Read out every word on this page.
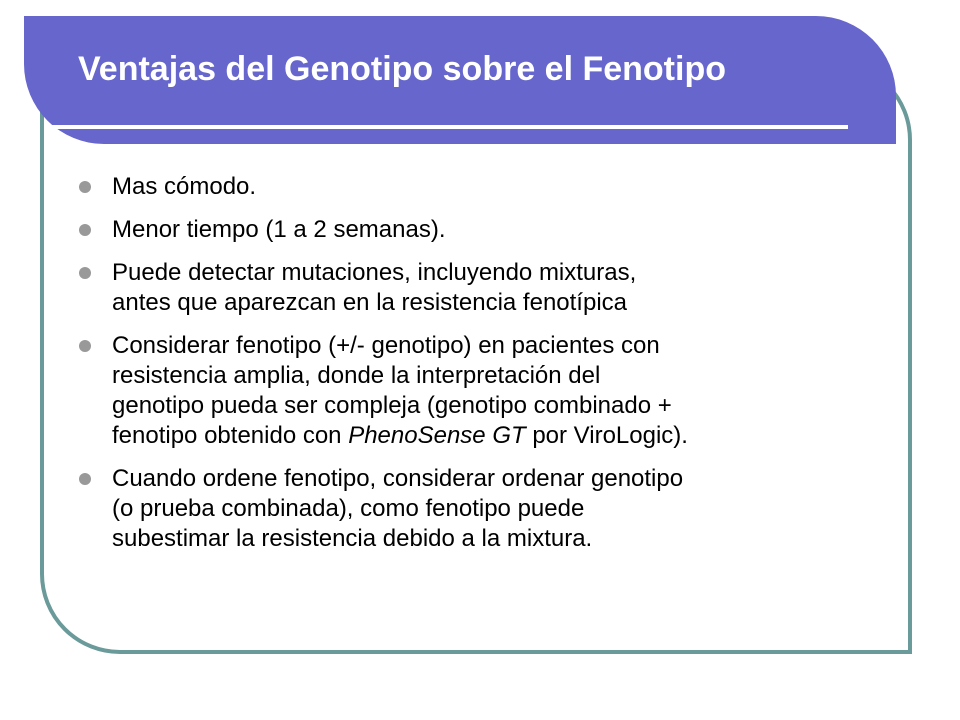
Ventajas del Genotipo sobre el Fenotipo
Mas cómodo.
Menor tiempo (1 a 2 semanas).
Puede detectar mutaciones, incluyendo mixturas,
antes que aparezcan en la resistencia fenotípica
Considerar fenotipo (+/- genotipo) en pacientes con
resistencia amplia, donde la interpretación del
genotipo pueda ser compleja (genotipo combinado +
fenotipo obtenido con PhenoSense GT por ViroLogic).
Cuando ordene fenotipo, considerar ordenar genotipo
(o prueba combinada), como fenotipo puede
subestimar la resistencia debido a la mixtura.
